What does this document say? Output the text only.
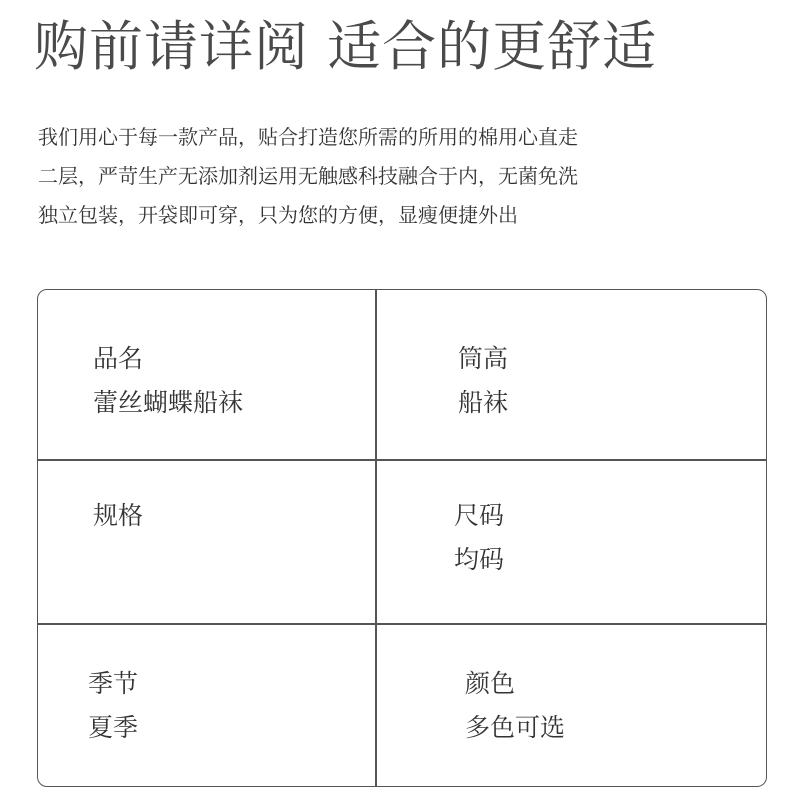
购前请详阅 适合的更舒适
我们用心于每一款产品，贴合打造您所需的所用的棉用心直走
二层，严苛生产无添加剂运用无触感科技融合于内，无菌免洗
独立包装，开袋即可穿，只为您的方便，显瘦便捷外出
品名
蕾丝蝴蝶船袜
筒高
船袜
规格	尺码
均码
季节
夏季
颜色
多色可选
